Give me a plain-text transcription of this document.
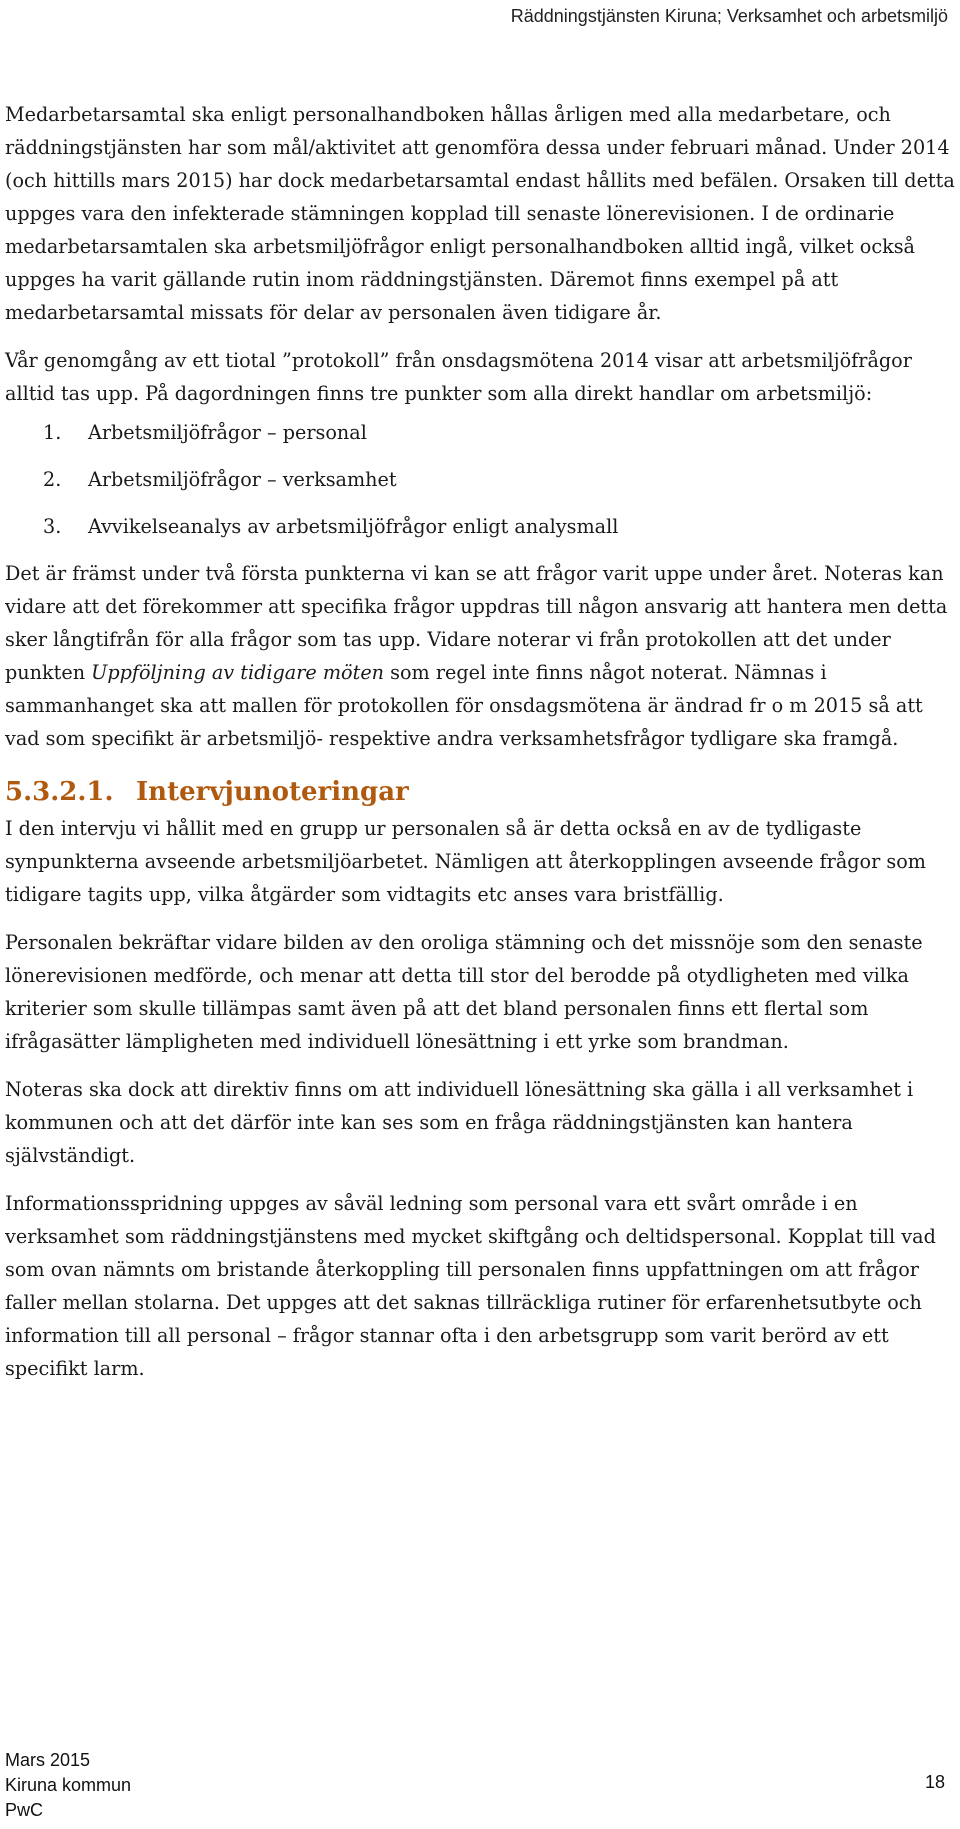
Räddningstjänsten Kiruna; Verksamhet och arbetsmiljö

Medarbetarsamtal ska enligt personalhandboken hållas årligen med alla medarbetare, och räddningstjänsten har som mål/aktivitet att genomföra dessa under februari månad. Under 2014 (och hittills mars 2015) har dock medarbetarsamtal endast hållits med befälen. Orsaken till detta uppges vara den infekterade stämningen kopplad till senaste lönerevisionen. I de ordinarie medarbetarsamtalen ska arbetsmiljöfrågor enligt personalhandboken alltid ingå, vilket också uppges ha varit gällande rutin inom räddningstjänsten. Däremot finns exempel på att medarbetarsamtal missats för delar av personalen även tidigare år.

Vår genomgång av ett tiotal ”protokoll” från onsdagsmötena 2014 visar att arbetsmiljöfrågor alltid tas upp. På dagordningen finns tre punkter som alla direkt handlar om arbetsmiljö:

1. Arbetsmiljöfrågor – personal
2. Arbetsmiljöfrågor – verksamhet
3. Avvikelseanalys av arbetsmiljöfrågor enligt analysmall

Det är främst under två första punkterna vi kan se att frågor varit uppe under året. Noteras kan vidare att det förekommer att specifika frågor uppdras till någon ansvarig att hantera men detta sker långtifrån för alla frågor som tas upp. Vidare noterar vi från protokollen att det under punkten Uppföljning av tidigare möten som regel inte finns något noterat. Nämnas i sammanhanget ska att mallen för protokollen för onsdagsmötena är ändrad fr o m 2015 så att vad som specifikt är arbetsmiljö- respektive andra verksamhetsfrågor tydligare ska framgå.

5.3.2.1. Intervjunoteringar

I den intervju vi hållit med en grupp ur personalen så är detta också en av de tydligaste synpunkterna avseende arbetsmiljöarbetet. Nämligen att återkopplingen avseende frågor som tidigare tagits upp, vilka åtgärder som vidtagits etc anses vara bristfällig.

Personalen bekräftar vidare bilden av den oroliga stämning och det missnöje som den senaste lönerevisionen medförde, och menar att detta till stor del berodde på otydligheten med vilka kriterier som skulle tillämpas samt även på att det bland personalen finns ett flertal som ifrågasätter lämpligheten med individuell lönesättning i ett yrke som brandman.

Noteras ska dock att direktiv finns om att individuell lönesättning ska gälla i all verksamhet i kommunen och att det därför inte kan ses som en fråga räddningstjänsten kan hantera självständigt.

Informationsspridning uppges av såväl ledning som personal vara ett svårt område i en verksamhet som räddningstjänstens med mycket skiftgång och deltidspersonal. Kopplat till vad som ovan nämnts om bristande återkoppling till personalen finns uppfattningen om att frågor faller mellan stolarna. Det uppges att det saknas tillräckliga rutiner för erfarenhetsutbyte och information till all personal – frågor stannar ofta i den arbetsgrupp som varit berörd av ett specifikt larm.

Mars 2015
Kiruna kommun
PwC
18
